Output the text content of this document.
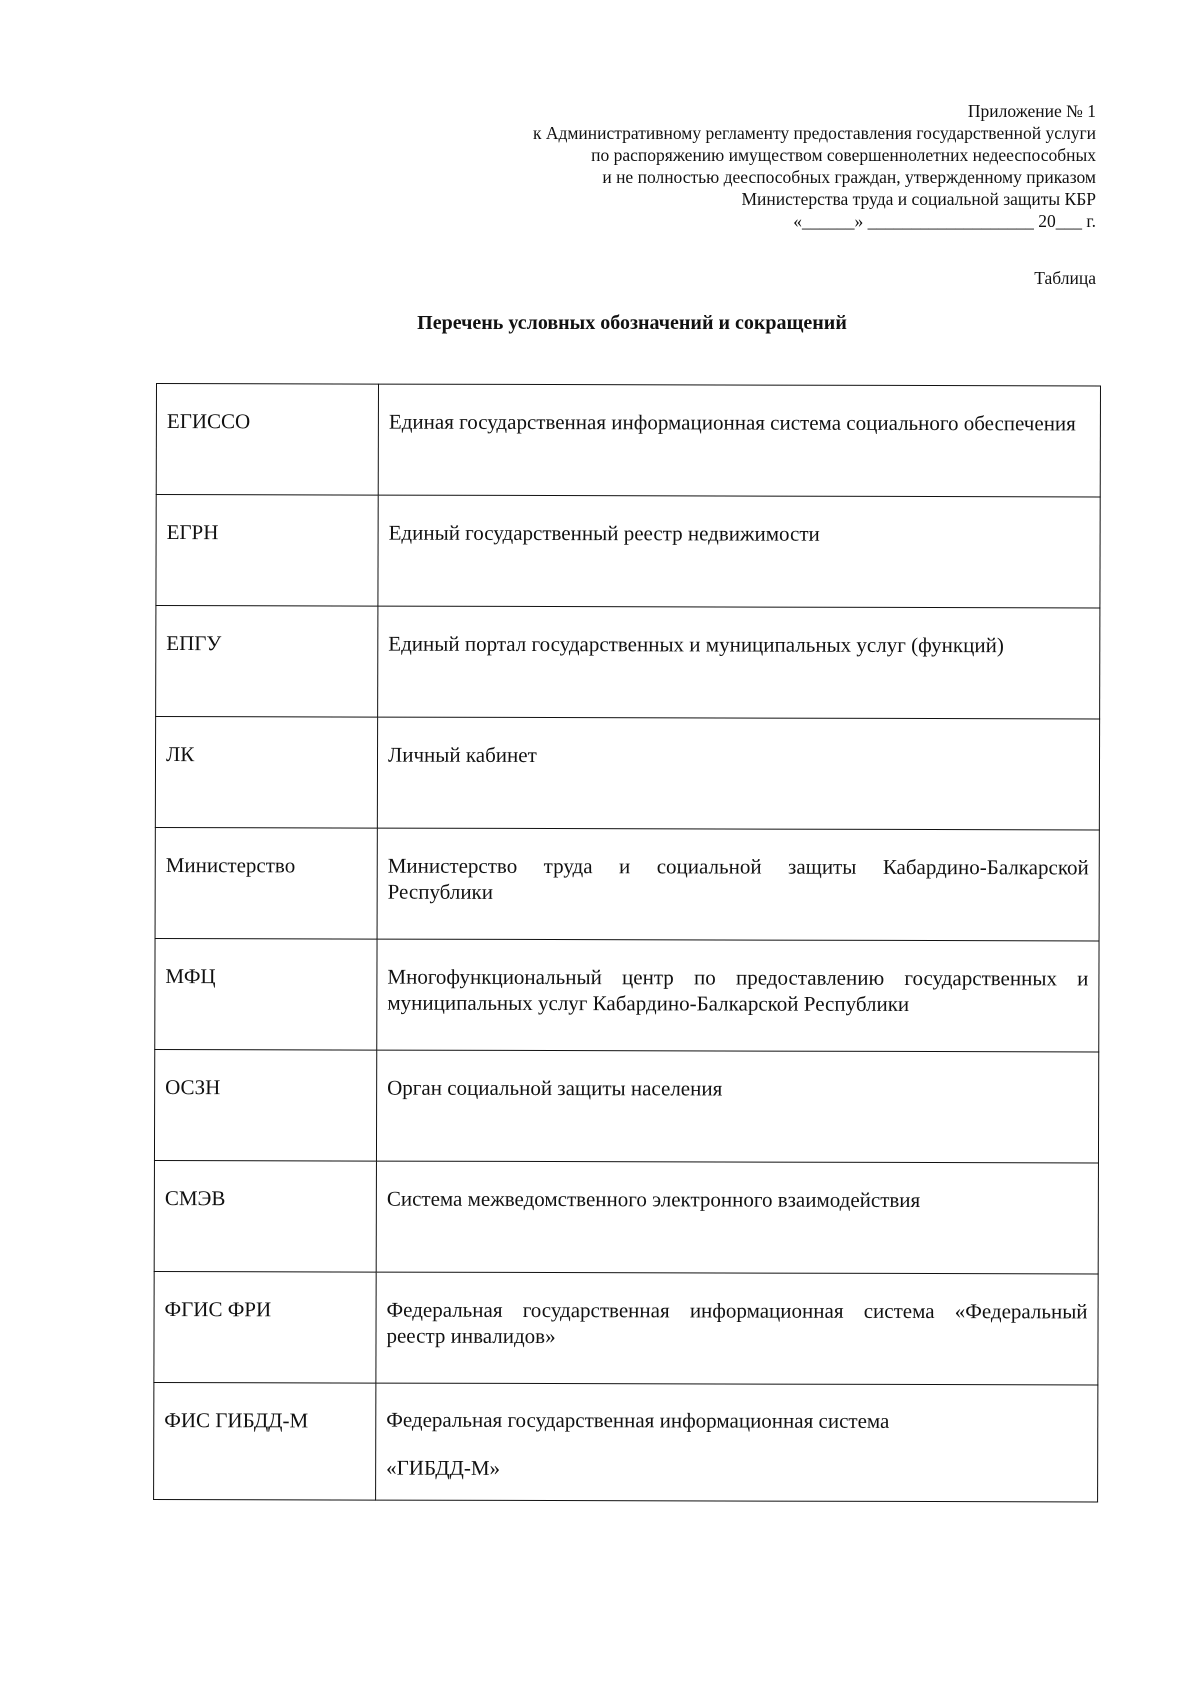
Приложение № 1
к Административному регламенту предоставления государственной услуги
по распоряжению имуществом совершеннолетних недееспособных
и не полностью дееспособных граждан, утвержденному приказом
Министерства труда и социальной защиты КБР
«______» ___________________ 20___ г.
Таблица
Перечень условных обозначений и сокращений
ЕГИССО	Единая государственная информационная система социального обеспечения
ЕГРН	Единый государственный реестр недвижимости
ЕПГУ	Единый портал государственных и муниципальных услуг (функций)
ЛК	Личный кабинет
Министерство	Министерство труда и социальной защиты Кабардино-Балкарской Республики
МФЦ	Многофункциональный центр по предоставлению государственных и муниципальных услуг Кабардино-Балкарской Республики
ОСЗН	Орган социальной защиты населения
СМЭВ	Система межведомственного электронного взаимодействия
ФГИС ФРИ	Федеральная государственная информационная система «Федеральный реестр инвалидов»
ФИС ГИБДД-М	Федеральная государственная информационная система
«ГИБДД-М»
